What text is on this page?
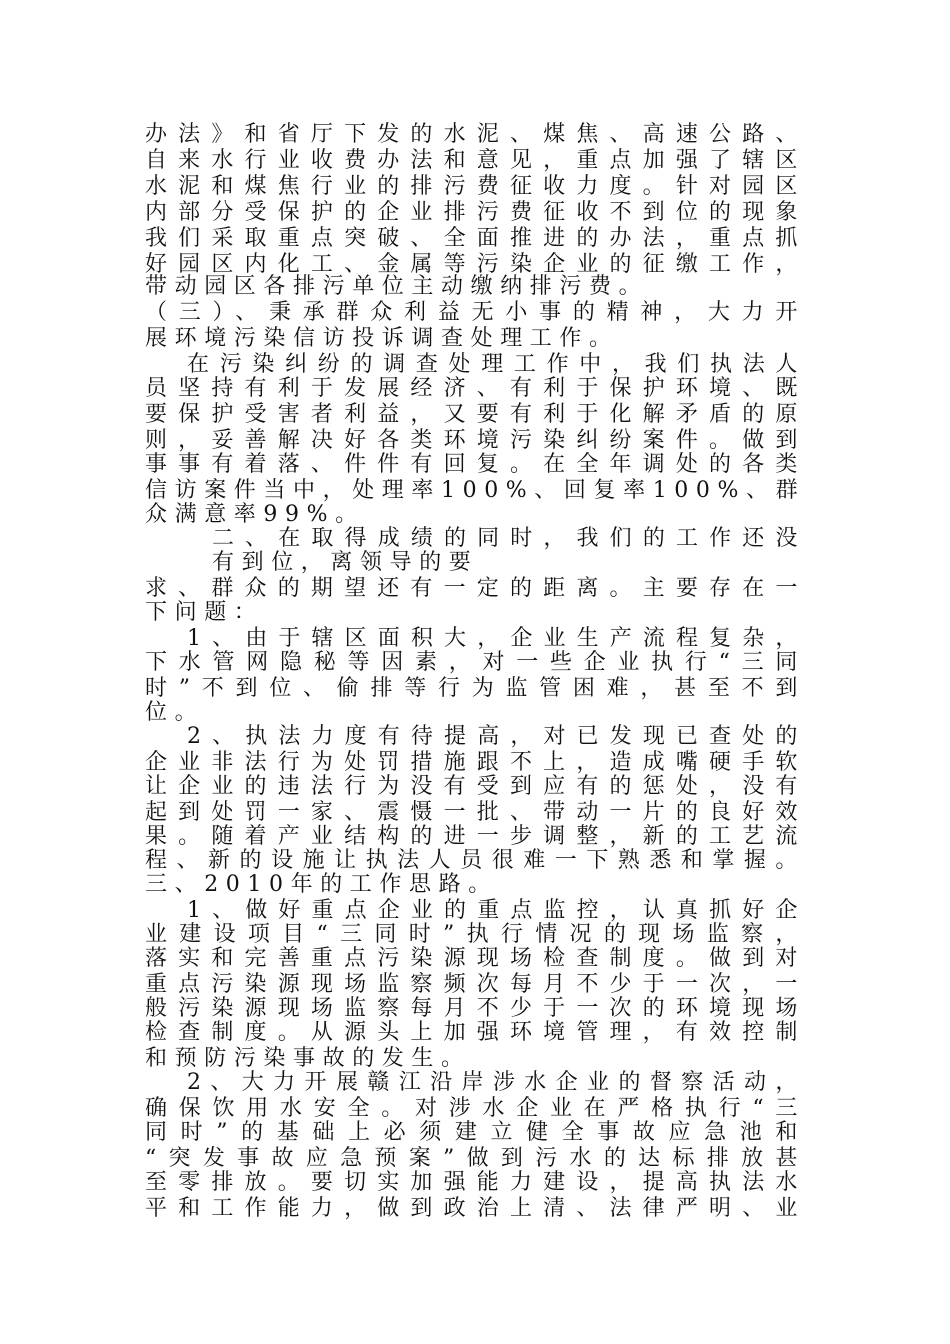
办法》和省厅下发的水泥、煤焦、高速公路、
自来水行业收费办法和意见，重点加强了辖区
水泥和煤焦行业的排污费征收力度。针对园区
内部分受保护的企业排污费征收不到位的现象
我们采取重点突破、全面推进的办法，重点抓
好园区内化工、金属等污染企业的征缴工作，
带动园区各排污单位主动缴纳排污费。
（三）、秉承群众利益无小事的精神，大力开
展环境污染信访投诉调查处理工作。
在污染纠纷的调查处理工作中，我们执法人
员坚持有利于发展经济、有利于保护环境、既
要保护受害者利益，又要有利于化解矛盾的原
则，妥善解决好各类环境污染纠纷案件。做到
事事有着落、件件有回复。在全年调处的各类
信访案件当中，处理率100%、回复率100%、群
众满意率99%。
二、在取得成绩的同时，我们的工作还没
有到位，离领导的要
求、群众的期望还有一定的距离。主要存在一
下问题：
1、由于辖区面积大，企业生产流程复杂，
下水管网隐秘等因素，对一些企业执行“三同
时”不到位、偷排等行为监管困难，甚至不到
位。
2、执法力度有待提高，对已发现已查处的
企业非法行为处罚措施跟不上，造成嘴硬手软
让企业的违法行为没有受到应有的惩处，没有
起到处罚一家、震慑一批、带动一片的良好效
果。随着产业结构的进一步调整，新的工艺流
程、新的设施让执法人员很难一下熟悉和掌握。
三、2010年的工作思路。
1、做好重点企业的重点监控，认真抓好企
业建设项目“三同时”执行情况的现场监察，
落实和完善重点污染源现场检查制度。做到对
重点污染源现场监察频次每月不少于一次，一
般污染源现场监察每月不少于一次的环境现场
检查制度。从源头上加强环境管理，有效控制
和预防污染事故的发生。
2、大力开展赣江沿岸涉水企业的督察活动，
确保饮用水安全。对涉水企业在严格执行“三
同时”的基础上必须建立健全事故应急池和
“突发事故应急预案”做到污水的达标排放甚
至零排放。要切实加强能力建设，提高执法水
平和工作能力，做到政治上清、法律严明、业
